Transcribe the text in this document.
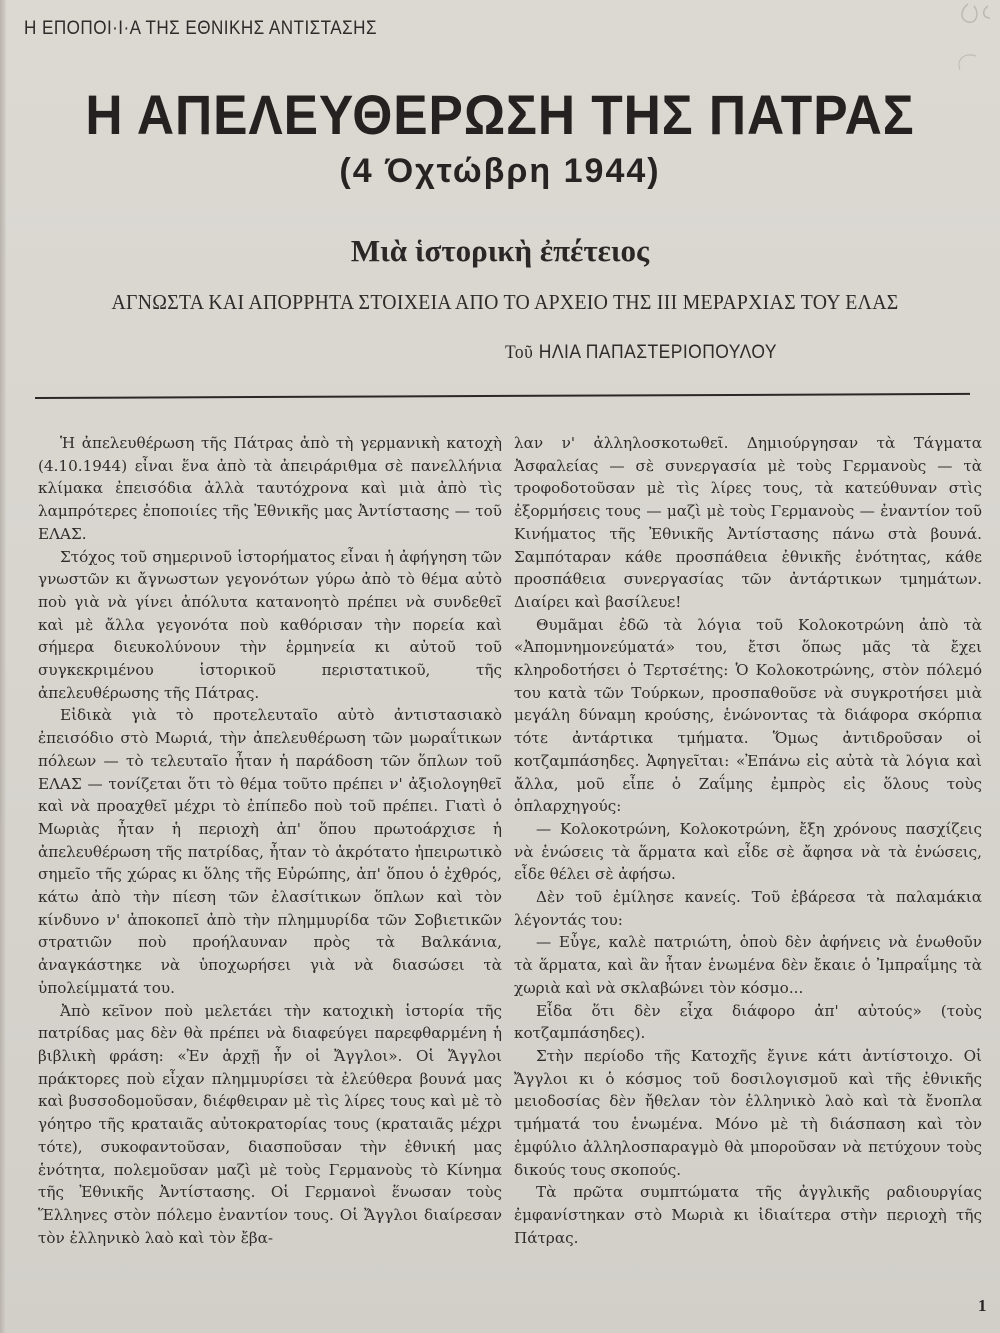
Η ΕΠΟΠΟΙ·Ι·Α ΤΗΣ ΕΘΝΙΚΗΣ ΑΝΤΙΣΤΑΣΗΣ
Η ΑΠΕΛΕΥΘΕΡΩΣΗ ΤΗΣ ΠΑΤΡΑΣ
(4 Όχτώβρη 1944)
Μιὰ ἱστορικὴ ἐπέτειος
ΑΓΝΩΣΤΑ ΚΑΙ ΑΠΟΡΡΗΤΑ ΣΤΟΙΧΕΙΑ ΑΠΟ ΤΟ ΑΡΧΕΙΟ ΤΗΣ ΙΙΙ ΜΕΡΑΡΧΙΑΣ ΤΟΥ ΕΛΑΣ
Τοῦ ΗΛΙΑ ΠΑΠΑΣΤΕΡΙΟΠΟΥΛΟΥ

Ἡ ἀπελευθέρωση τῆς Πάτρας ἀπὸ τὴ γερμανικὴ κατοχὴ (4.10.1944) εἶναι ἕνα ἀπὸ τὰ ἀπειράριθμα σὲ πανελλήνια κλίμακα ἐπεισόδια ἀλλὰ ταυτόχρονα καὶ μιὰ ἀπὸ τὶς λαμπρότερες ἐποποιίες τῆς Ἐθνικῆς μας Ἀντίστασης — τοῦ ΕΛΑΣ.

Στόχος τοῦ σημερινοῦ ἱστορήματος εἶναι ἡ ἀφήγηση τῶν γνωστῶν κι ἄγνωστων γεγονότων γύρω ἀπὸ τὸ θέμα αὐτὸ ποὺ γιὰ νὰ γίνει ἀπόλυτα κατανοητὸ πρέπει νὰ συνδεθεῖ καὶ μὲ ἄλλα γεγονότα ποὺ καθόρισαν τὴν πορεία καὶ σήμερα διευκολύνουν τὴν ἑρμηνεία κι αὐτοῦ τοῦ συγκεκριμένου ἱστορικοῦ περιστατικοῦ, τῆς ἀπελευθέρωσης τῆς Πάτρας.

Εἰδικὰ γιὰ τὸ προτελευταῖο αὐτὸ ἀντιστασιακὸ ἐπεισόδιο στὸ Μωριά, τὴν ἀπελευθέρωση τῶν μωραΐτικων πόλεων — τὸ τελευταῖο ἦταν ἡ παράδοση τῶν ὅπλων τοῦ ΕΛΑΣ — τονίζεται ὅτι τὸ θέμα τοῦτο πρέπει ν' ἀξιολογηθεῖ καὶ νὰ προαχθεῖ μέχρι τὸ ἐπίπεδο ποὺ τοῦ πρέπει. Γιατὶ ὁ Μωριὰς ἦταν ἡ περιοχὴ ἀπ' ὅπου πρωτοάρχισε ἡ ἀπελευθέρωση τῆς πατρίδας, ἦταν τὸ ἀκρότατο ἠπειρωτικὸ σημεῖο τῆς χώρας κι ὅλης τῆς Εὐρώπης, ἀπ' ὅπου ὁ ἐχθρός, κάτω ἀπὸ τὴν πίεση τῶν ἐλασίτικων ὅπλων καὶ τὸν κίνδυνο ν' ἀποκοπεῖ ἀπὸ τὴν πλημμυρίδα τῶν Σοβιετικῶν στρατιῶν ποὺ προήλαυναν πρὸς τὰ Βαλκάνια, ἀναγκάστηκε νὰ ὑποχωρήσει γιὰ νὰ διασώσει τὰ ὑπολείμματά του.

Ἀπὸ κεῖνον ποὺ μελετάει τὴν κατοχικὴ ἱστορία τῆς πατρίδας μας δὲν θὰ πρέπει νὰ διαφεύγει παρεφθαρμένη ἡ βιβλικὴ φράση: «Ἐν ἀρχῇ ἦν οἱ Ἄγγλοι». Οἱ Ἄγγλοι πράκτορες ποὺ εἶχαν πλημμυρίσει τὰ ἐλεύθερα βουνά μας καὶ βυσσοδομοῦσαν, διέφθειραν μὲ τὶς λίρες τους καὶ μὲ τὸ γόητρο τῆς κραταιᾶς αὐτοκρατορίας τους (κραταιᾶς μέχρι τότε), συκοφαντοῦσαν, διασποῦσαν τὴν ἐθνική μας ἑνότητα, πολεμοῦσαν μαζὶ μὲ τοὺς Γερμανοὺς τὸ Κίνημα τῆς Ἐθνικῆς Ἀντίστασης. Οἱ Γερμανοὶ ἕνωσαν τοὺς Ἕλληνες στὸν πόλεμο ἐναντίον τους. Οἱ Ἄγγλοι διαίρεσαν τὸν ἑλληνικὸ λαὸ καὶ τὸν ἔβα-

λαν ν' ἀλληλοσκοτωθεῖ. Δημιούργησαν τὰ Τάγματα Ἀσφαλείας — σὲ συνεργασία μὲ τοὺς Γερμανοὺς — τὰ τροφοδοτοῦσαν μὲ τὶς λίρες τους, τὰ κατεύθυναν στὶς ἐξορμήσεις τους — μαζὶ μὲ τοὺς Γερμανοὺς — ἐναντίον τοῦ Κινήματος τῆς Ἐθνικῆς Ἀντίστασης πάνω στὰ βουνά. Σαμπόταραν κάθε προσπάθεια ἐθνικῆς ἑνότητας, κάθε προσπάθεια συνεργασίας τῶν ἀντάρτικων τμημάτων. Διαίρει καὶ βασίλευε!

Θυμᾶμαι ἐδῶ τὰ λόγια τοῦ Κολοκοτρώνη ἀπὸ τὰ «Ἀπομνημονεύματά» του, ἔτσι ὅπως μᾶς τὰ ἔχει κληροδοτήσει ὁ Τερτσέτης: Ὁ Κολοκοτρώνης, στὸν πόλεμό του κατὰ τῶν Τούρκων, προσπαθοῦσε νὰ συγκροτήσει μιὰ μεγάλη δύναμη κρούσης, ἑνώνοντας τὰ διάφορα σκόρπια τότε ἀντάρτικα τμήματα. Ὅμως ἀντιδροῦσαν οἱ κοτζαμπάσηδες. Ἀφηγεῖται: «Ἐπάνω εἰς αὐτὰ τὰ λόγια καὶ ἄλλα, μοῦ εἶπε ὁ Ζαΐμης ἐμπρὸς εἰς ὅλους τοὺς ὁπλαρχηγούς:

— Κολοκοτρώνη, Κολοκοτρώνη, ἔξη χρόνους πασχίζεις νὰ ἑνώσεις τὰ ἅρματα καὶ εἶδε σὲ ἄφησα νὰ τὰ ἑνώσεις, εἶδε θέλει σὲ ἀφήσω.

Δὲν τοῦ ἐμίλησε κανείς. Τοῦ ἐβάρεσα τὰ παλαμάκια λέγοντάς του:

— Εὖγε, καλὲ πατριώτη, ὁποὺ δὲν ἀφήνεις νὰ ἑνωθοῦν τὰ ἅρματα, καὶ ἂν ἦταν ἑνωμένα δὲν ἔκαιε ὁ Ἰμπραΐμης τὰ χωριὰ καὶ νὰ σκλαβώνει τὸν κόσμο...

Εἶδα ὅτι δὲν εἶχα διάφορο ἀπ' αὐτούς» (τοὺς κοτζαμπάσηδες).

Στὴν περίοδο τῆς Κατοχῆς ἔγινε κάτι ἀντίστοιχο. Οἱ Ἄγγλοι κι ὁ κόσμος τοῦ δοσιλογισμοῦ καὶ τῆς ἐθνικῆς μειοδοσίας δὲν ἤθελαν τὸν ἑλληνικὸ λαὸ καὶ τὰ ἔνοπλα τμήματά του ἑνωμένα. Μόνο μὲ τὴ διάσπαση καὶ τὸν ἐμφύλιο ἀλληλοσπαραγμὸ θὰ μποροῦσαν νὰ πετύχουν τοὺς δικούς τους σκοπούς.

Τὰ πρῶτα συμπτώματα τῆς ἀγγλικῆς ραδιουργίας ἐμφανίστηκαν στὸ Μωριὰ κι ἰδιαίτερα στὴν περιοχὴ τῆς Πάτρας.

1
